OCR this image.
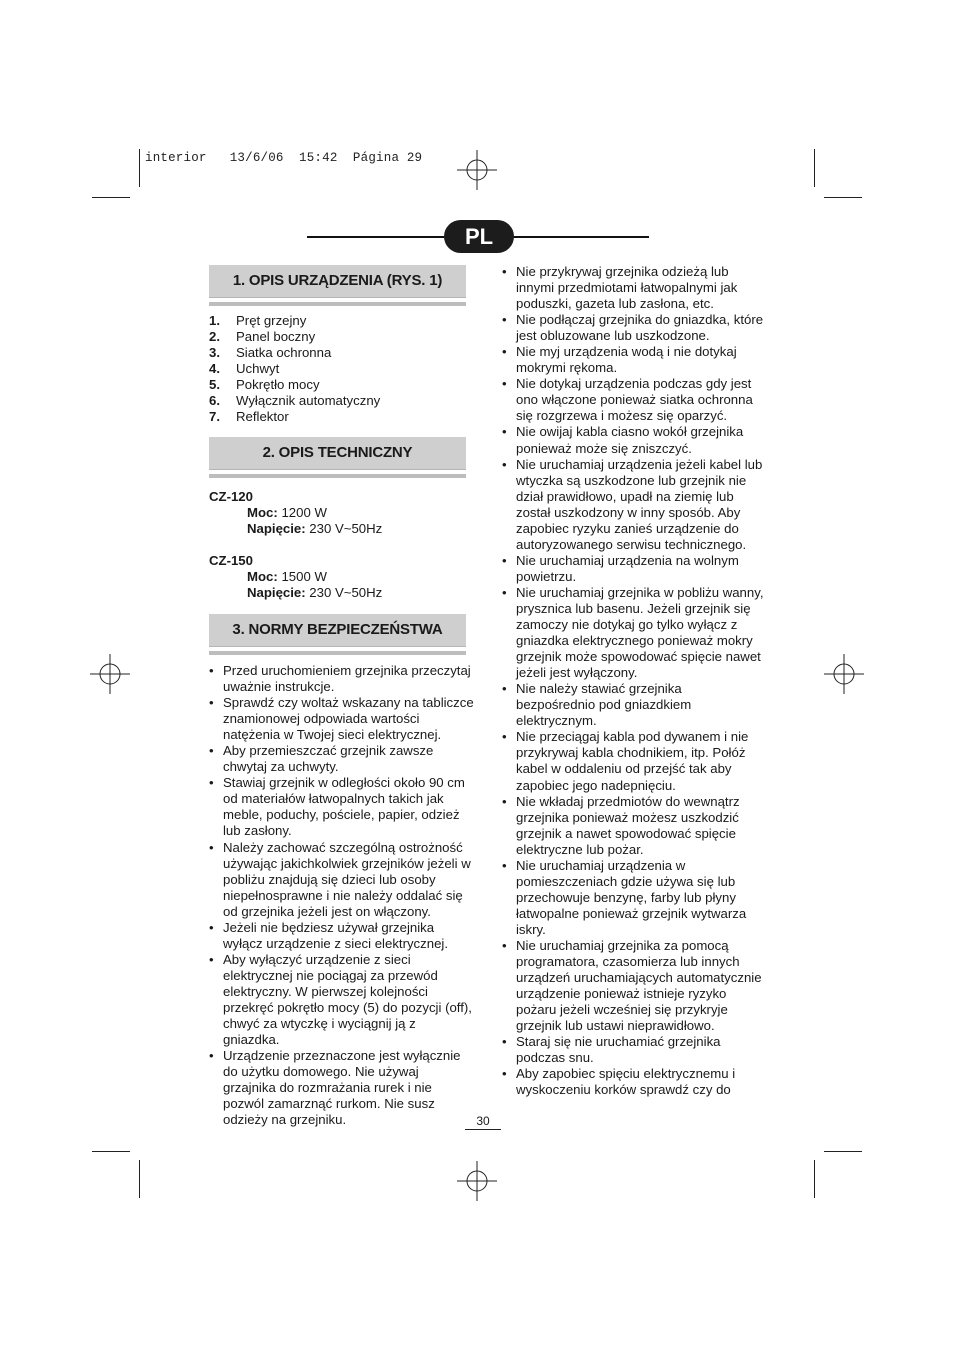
interior   13/6/06  15:42  Página 29
PL
1. OPIS URZĄDZENIA (RYS. 1)
1.	Pręt grzejny
2.	Panel boczny
3.	Siatka ochronna
4.	Uchwyt
5.	Pokrętło mocy
6.	Wyłącznik automatyczny
7.	Reflektor
2. OPIS TECHNICZNY
CZ-120
Moc: 1200 W
Napięcie: 230 V~50Hz
CZ-150
Moc: 1500 W
Napięcie: 230 V~50Hz
3. NORMY BEZPIECZEŃSTWA
• Przed uruchomieniem grzejnika przeczytaj uważnie instrukcje.
• Sprawdź czy woltaż wskazany na tabliczce znamionowej odpowiada wartości natężenia w Twojej sieci elektrycznej.
• Aby przemieszczać grzejnik zawsze chwytaj za uchwyty.
• Stawiaj grzejnik w odległości około 90 cm od materiałów łatwopalnych takich jak meble, poduchy, pościele, papier, odzież lub zasłony.
• Należy zachować szczególną ostrożność używając jakichkolwiek grzejników jeżeli w pobliżu znajdują się dzieci lub osoby niepełnosprawne i nie należy oddalać się od grzejnika jeżeli jest on włączony.
• Jeżeli nie będziesz używał grzejnika wyłącz urządzenie z sieci elektrycznej.
• Aby wyłączyć urządzenie z sieci elektrycznej nie pociągaj za przewód elektryczny. W pierwszej kolejności przekręć pokrętło mocy (5) do pozycji (off), chwyć za wtyczkę i wyciągnij ją z gniazdka.
• Urządzenie przeznaczone jest wyłącznie do użytku domowego. Nie używaj grzajnika do rozmrażania rurek i nie pozwól zamarznąć rurkom. Nie susz odzieży na grzejniku.
• Nie przykrywaj grzejnika odzieżą lub innymi przedmiotami łatwopalnymi jak poduszki, gazeta lub zasłona, etc.
• Nie podłączaj grzejnika do gniazdka, które jest obluzowane lub uszkodzone.
• Nie myj urządzenia wodą i nie dotykaj mokrymi rękoma.
• Nie dotykaj urządzenia podczas gdy jest ono włączone ponieważ siatka ochronna się rozgrzewa i możesz się oparzyć.
• Nie owijaj kabla ciasno wokół grzejnika ponieważ może się zniszczyć.
• Nie uruchamiaj urządzenia jeżeli kabel lub wtyczka są uszkodzone lub grzejnik nie dział prawidłowo, upadł na ziemię lub został uszkodzony w inny sposób. Aby zapobiec ryzyku zanieś urządzenie do autoryzowanego serwisu technicznego.
• Nie uruchamiaj urządzenia na wolnym powietrzu.
• Nie uruchamiaj grzejnika w pobliżu wanny, prysznica lub basenu. Jeżeli grzejnik się zamoczy nie dotykaj go tylko wyłącz z gniazdka elektrycznego ponieważ mokry grzejnik może spowodować spięcie nawet jeżeli jest wyłączony.
• Nie należy stawiać grzejnika bezpośrednio pod gniazdkiem elektrycznym.
• Nie przeciągaj kabla pod dywanem i nie przykrywaj kabla chodnikiem, itp. Połóż kabel w oddaleniu od przejść tak aby zapobiec jego nadepnięciu.
• Nie wkładaj przedmiotów do wewnątrz grzejnika ponieważ możesz uszkodzić grzejnik a nawet spowodować spięcie elektryczne lub pożar.
• Nie uruchamiaj urządzenia w pomieszczeniach gdzie używa się lub przechowuje benzynę, farby lub płyny łatwopalne ponieważ grzejnik wytwarza iskry.
• Nie uruchamiaj grzejnika za pomocą programatora, czasomierza lub innych urządzeń uruchamiających automatycznie urządzenie ponieważ istnieje ryzyko pożaru jeżeli wcześniej się przykryje grzejnik lub ustawi nieprawidłowo.
• Staraj się nie uruchamiać grzejnika podczas snu.
• Aby zapobiec spięciu elektrycznemu i wyskoczeniu korków sprawdź czy do
30
